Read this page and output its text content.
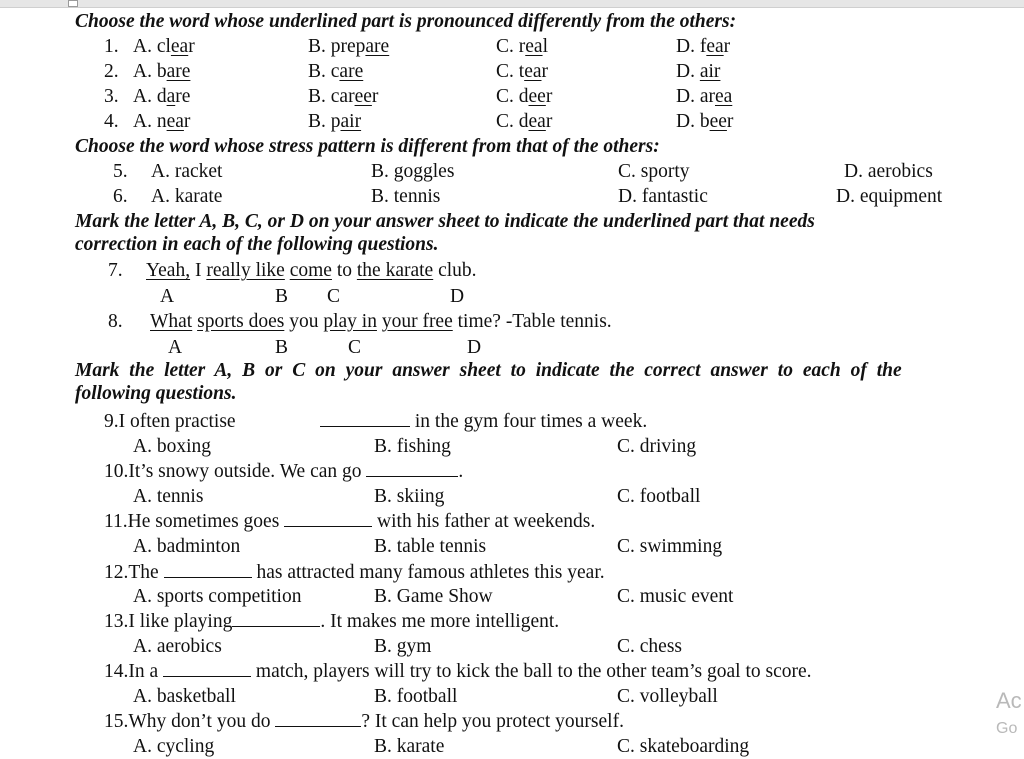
Choose the word whose underlined part is pronounced differently from the others:
1. A. clear	B. prepare	C. real	D. fear
2. A. bare	B. care	C. tear	D. air
3. A. dare	B. career	C. deer	D. area
4. A. near	B. pair	C. dear	D. beer
Choose the word whose stress pattern is different from that of the others:
5. A. racket	B. goggles	C. sporty	D. aerobics
6. A. karate	B. tennis	D. fantastic	D. equipment
Mark the letter A, B, C, or D on your answer sheet to indicate the underlined part that needs
correction in each of the following questions.
7. Yeah, I really like come to the karate club.
A	B C	D
8. What sports does you play in your free time? -Table tennis.
A	B	C	D
Mark the letter A, B or C on your answer sheet to indicate the correct answer to each of the
following questions.
9.I often practise	in the gym four times a week.
A. boxing	B. fishing	C. driving
10.It’s snowy outside. We can go	.
A. tennis	B. skiing	C. football
11.He sometimes goes	with his father at weekends.
A. badminton	B. table tennis	C. swimming
12.The	has attracted many famous athletes this year.
A. sports competition	B. Game Show	C. music event
13.I like playing	. It makes me more intelligent.
A. aerobics	B. gym	C. chess
14.In a	match, players will try to kick the ball to the other team’s goal to score.
A. basketball	B. football	C. volleyball
15.Why don’t you do	? It can help you protect yourself.
A. cycling	B. karate	C. skateboarding
Ac
Go
